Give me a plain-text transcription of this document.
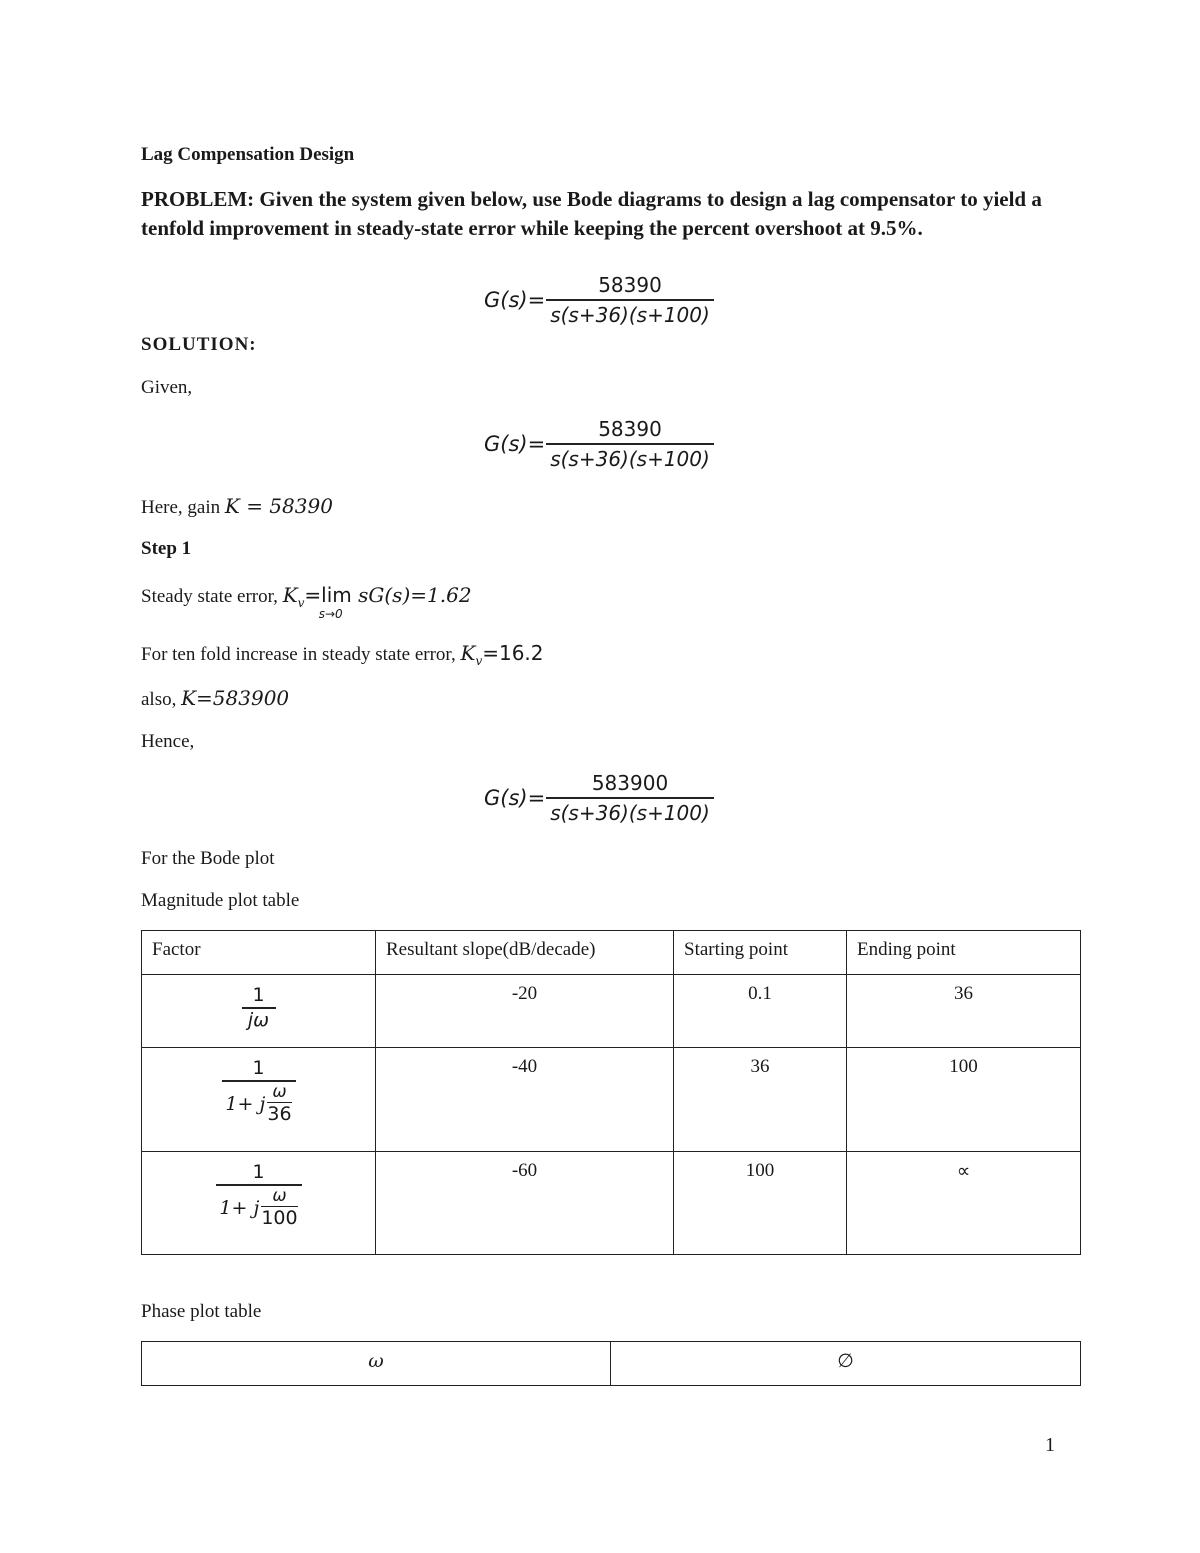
Lag Compensation Design
PROBLEM: Given the system given below, use Bode diagrams to design a lag compensator to yield a tenfold improvement in steady-state error while keeping the percent overshoot at 9.5%.
$G(s)= \frac{58390}{s(s+36)(s+100)}$
SOLUTION:
Given,
$G(s)= \frac{58390}{s(s+36)(s+100)}$
Here, gain K = 58390
Step 1
Steady state error, $K_v=\lim$
s→0
sG(s)=1.62
For ten fold increase in steady state error, $K_v=16.2$
also, K=583900
Hence,
$G(s)= \frac{583900}{s(s+36)(s+100)}$
For the Bode plot
Magnitude plot table
Factor	Resultant slope(dB/decade)	Starting point	Ending point

1
jω	-20	0.1	36

1
1+ j $\frac{\omega}{36}$	-40	36	100

1
1+ j $\frac{\omega}{100}$	-60	100	∝
Phase plot table
ω	∅
1
